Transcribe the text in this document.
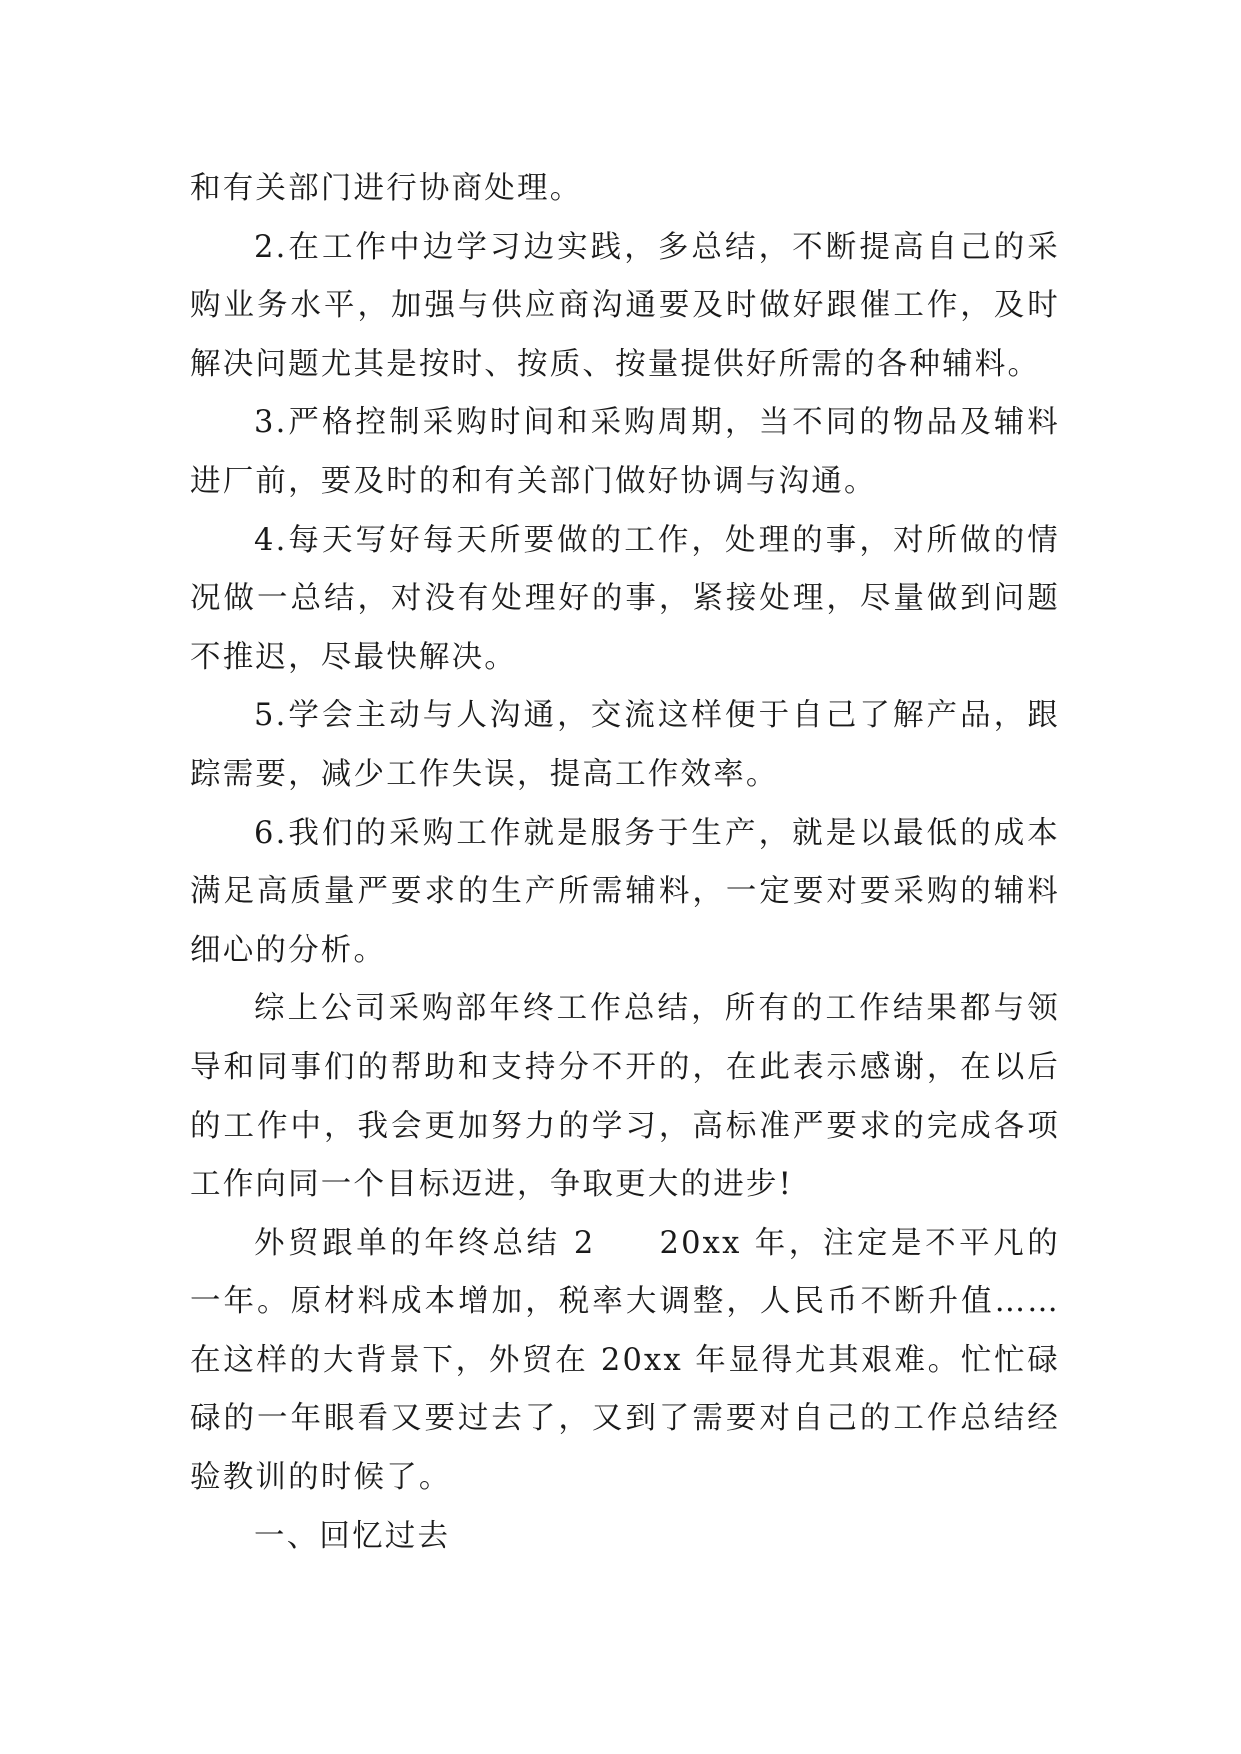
和有关部门进行协商处理。

2.在工作中边学习边实践，多总结，不断提高自己的采购业务水平，加强与供应商沟通要及时做好跟催工作，及时解决问题尤其是按时、按质、按量提供好所需的各种辅料。

3.严格控制采购时间和采购周期，当不同的物品及辅料进厂前，要及时的和有关部门做好协调与沟通。

4.每天写好每天所要做的工作，处理的事，对所做的情况做一总结，对没有处理好的事，紧接处理，尽量做到问题不推迟，尽最快解决。

5.学会主动与人沟通，交流这样便于自己了解产品，跟踪需要，减少工作失误，提高工作效率。

6.我们的采购工作就是服务于生产，就是以最低的成本满足高质量严要求的生产所需辅料，一定要对要采购的辅料细心的分析。

综上公司采购部年终工作总结，所有的工作结果都与领导和同事们的帮助和支持分不开的，在此表示感谢，在以后的工作中，我会更加努力的学习，高标准严要求的完成各项工作向同一个目标迈进，争取更大的进步!

外贸跟单的年终总结 2 20xx 年，注定是不平凡的一年。原材料成本增加，税率大调整，人民币不断升值……在这样的大背景下，外贸在 20xx 年显得尤其艰难。忙忙碌碌的一年眼看又要过去了，又到了需要对自己的工作总结经验教训的时候了。

一、回忆过去
